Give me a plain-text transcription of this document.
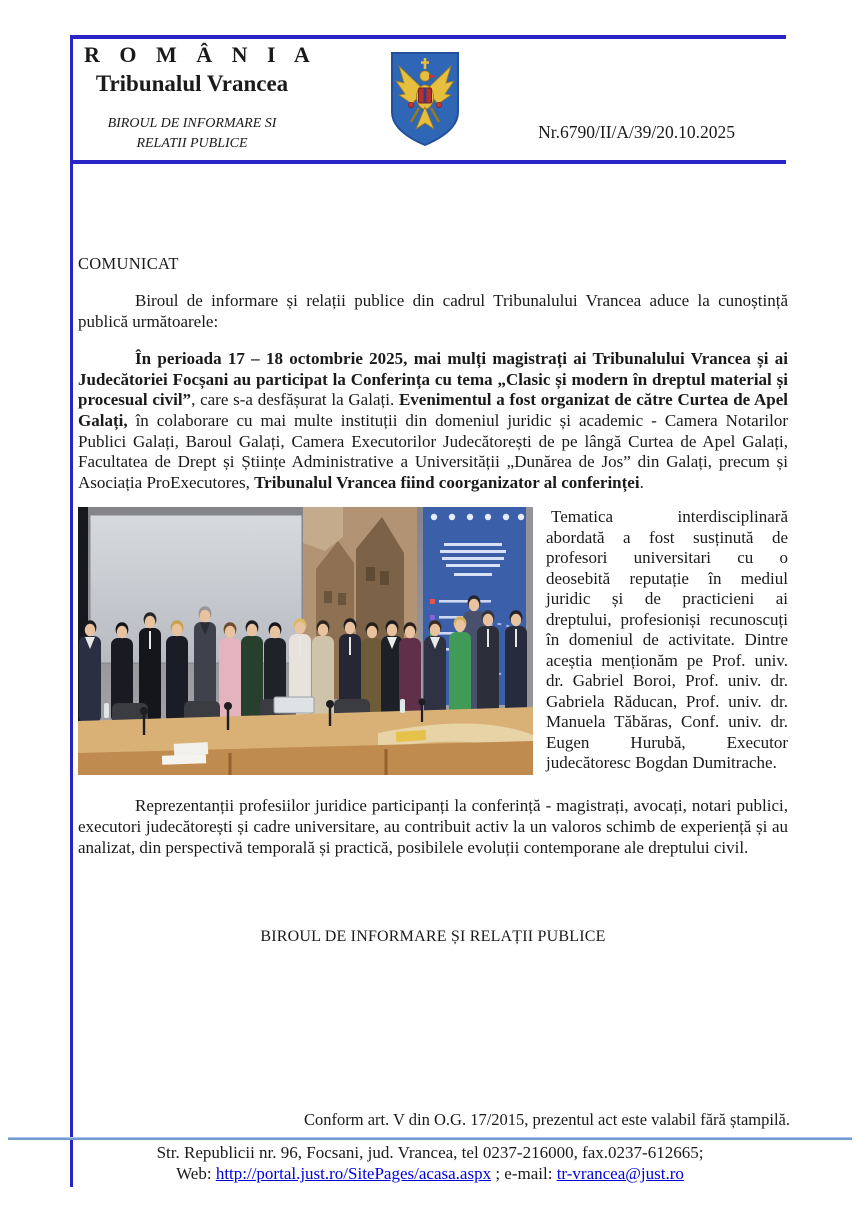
R O M Â N I A
Tribunalul Vrancea
BIROUL DE INFORMARE SI
RELATII PUBLICE
Nr.6790/II/A/39/20.10.2025
COMUNICAT

Biroul de informare și relații publice din cadrul Tribunalului Vrancea aduce la cunoștință publică următoarele:

În perioada 17 – 18 octombrie 2025, mai mulți magistrați ai Tribunalului Vrancea și ai Judecătoriei Focșani au participat la Conferința cu tema „Clasic și modern în dreptul material și procesual civil”, care s-a desfășurat la Galați. Evenimentul a fost organizat de către Curtea de Apel Galați, în colaborare cu mai multe instituții din domeniul juridic și academic - Camera Notarilor Publici Galați, Baroul Galați, Camera Executorilor Judecătorești de pe lângă Curtea de Apel Galați, Facultatea de Drept și Științe Administrative a Universității „Dunărea de Jos” din Galați, precum și Asociația ProExecutores, Tribunalul Vrancea fiind coorganizator al conferinței.

Tematica interdisciplinară abordată a fost susținută de profesori universitari cu o deosebită reputație în mediul juridic și de practicieni ai dreptului, profesioniși recunoscuți în domeniul de activitate. Dintre aceștia menționăm pe Prof. univ. dr. Gabriel Boroi, Prof. univ. dr. Gabriela Răducan, Prof. univ. dr. Manuela Tăbăras, Conf. univ. dr. Eugen Hurubă, Executor judecătoresc Bogdan Dumitrache.

Reprezentanții profesiilor juridice participanți la conferință - magistrați, avocați, notari publici, executori judecătorești și cadre universitare, au contribuit activ la un valoros schimb de experiență și au analizat, din perspectivă temporală și practică, posibilele evoluții contemporane ale dreptului civil.

BIROUL DE INFORMARE ȘI RELAȚII PUBLICE
Conform art. V din O.G. 17/2015, prezentul act este valabil fără ștampilă.
Str. Republicii nr. 96, Focsani, jud. Vrancea, tel 0237-216000, fax.0237-612665;
Web: http://portal.just.ro/SitePages/acasa.aspx ; e-mail: tr-vrancea@just.ro
